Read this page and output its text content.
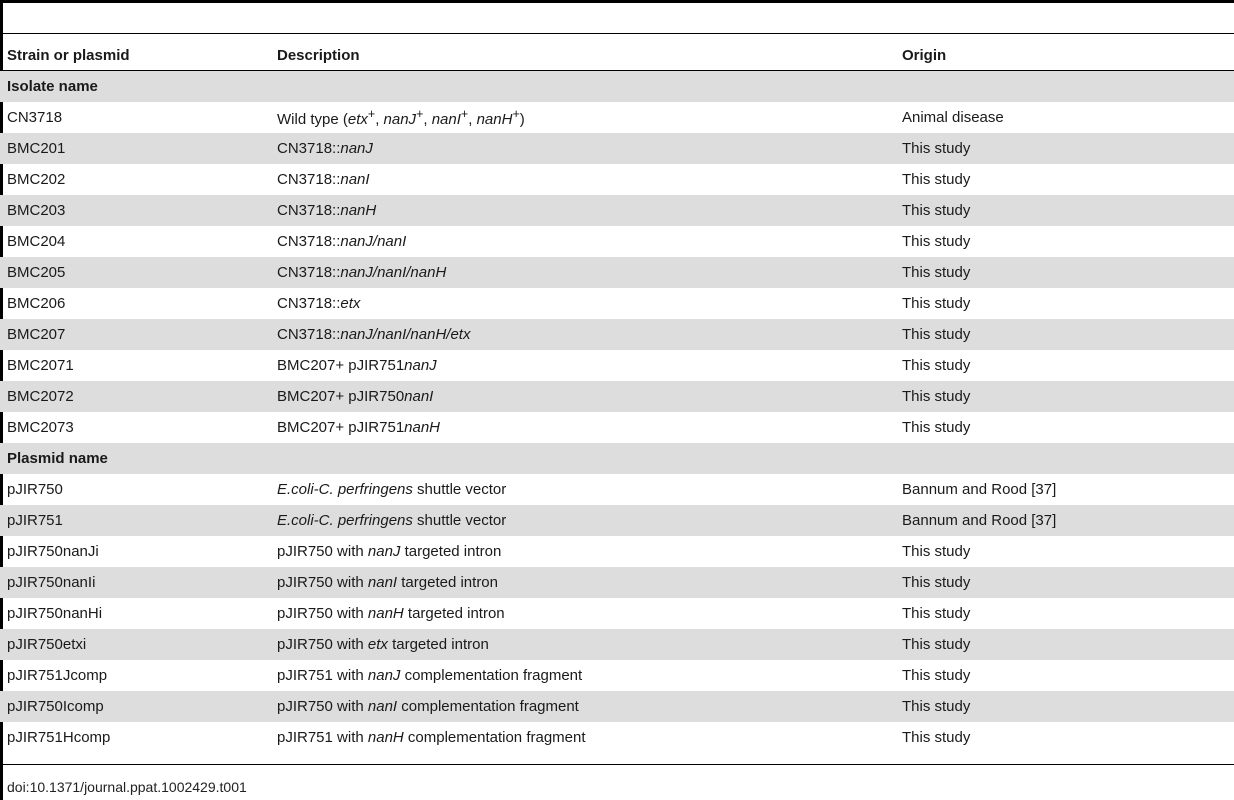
Strain or plasmid	Description	Origin
Isolate name		
CN3718	Wild type (etx+, nanJ+, nanI+, nanH+)	Animal disease
BMC201	CN3718::nanJ	This study
BMC202	CN3718::nanI	This study
BMC203	CN3718::nanH	This study
BMC204	CN3718::nanJ/nanI	This study
BMC205	CN3718::nanJ/nanI/nanH	This study
BMC206	CN3718::etx	This study
BMC207	CN3718::nanJ/nanI/nanH/etx	This study
BMC2071	BMC207+ pJIR751nanJ	This study
BMC2072	BMC207+ pJIR750nanI	This study
BMC2073	BMC207+ pJIR751nanH	This study
Plasmid name		
pJIR750	E.coli-C. perfringens shuttle vector	Bannum and Rood [37]
pJIR751	E.coli-C. perfringens shuttle vector	Bannum and Rood [37]
pJIR750nanJi	pJIR750 with nanJ targeted intron	This study
pJIR750nanIi	pJIR750 with nanI targeted intron	This study
pJIR750nanHi	pJIR750 with nanH targeted intron	This study
pJIR750etxi	pJIR750 with etx targeted intron	This study
pJIR751Jcomp	pJIR751 with nanJ complementation fragment	This study
pJIR750Icomp	pJIR750 with nanI complementation fragment	This study
pJIR751Hcomp	pJIR751 with nanH complementation fragment	This study
doi:10.1371/journal.ppat.1002429.t001
